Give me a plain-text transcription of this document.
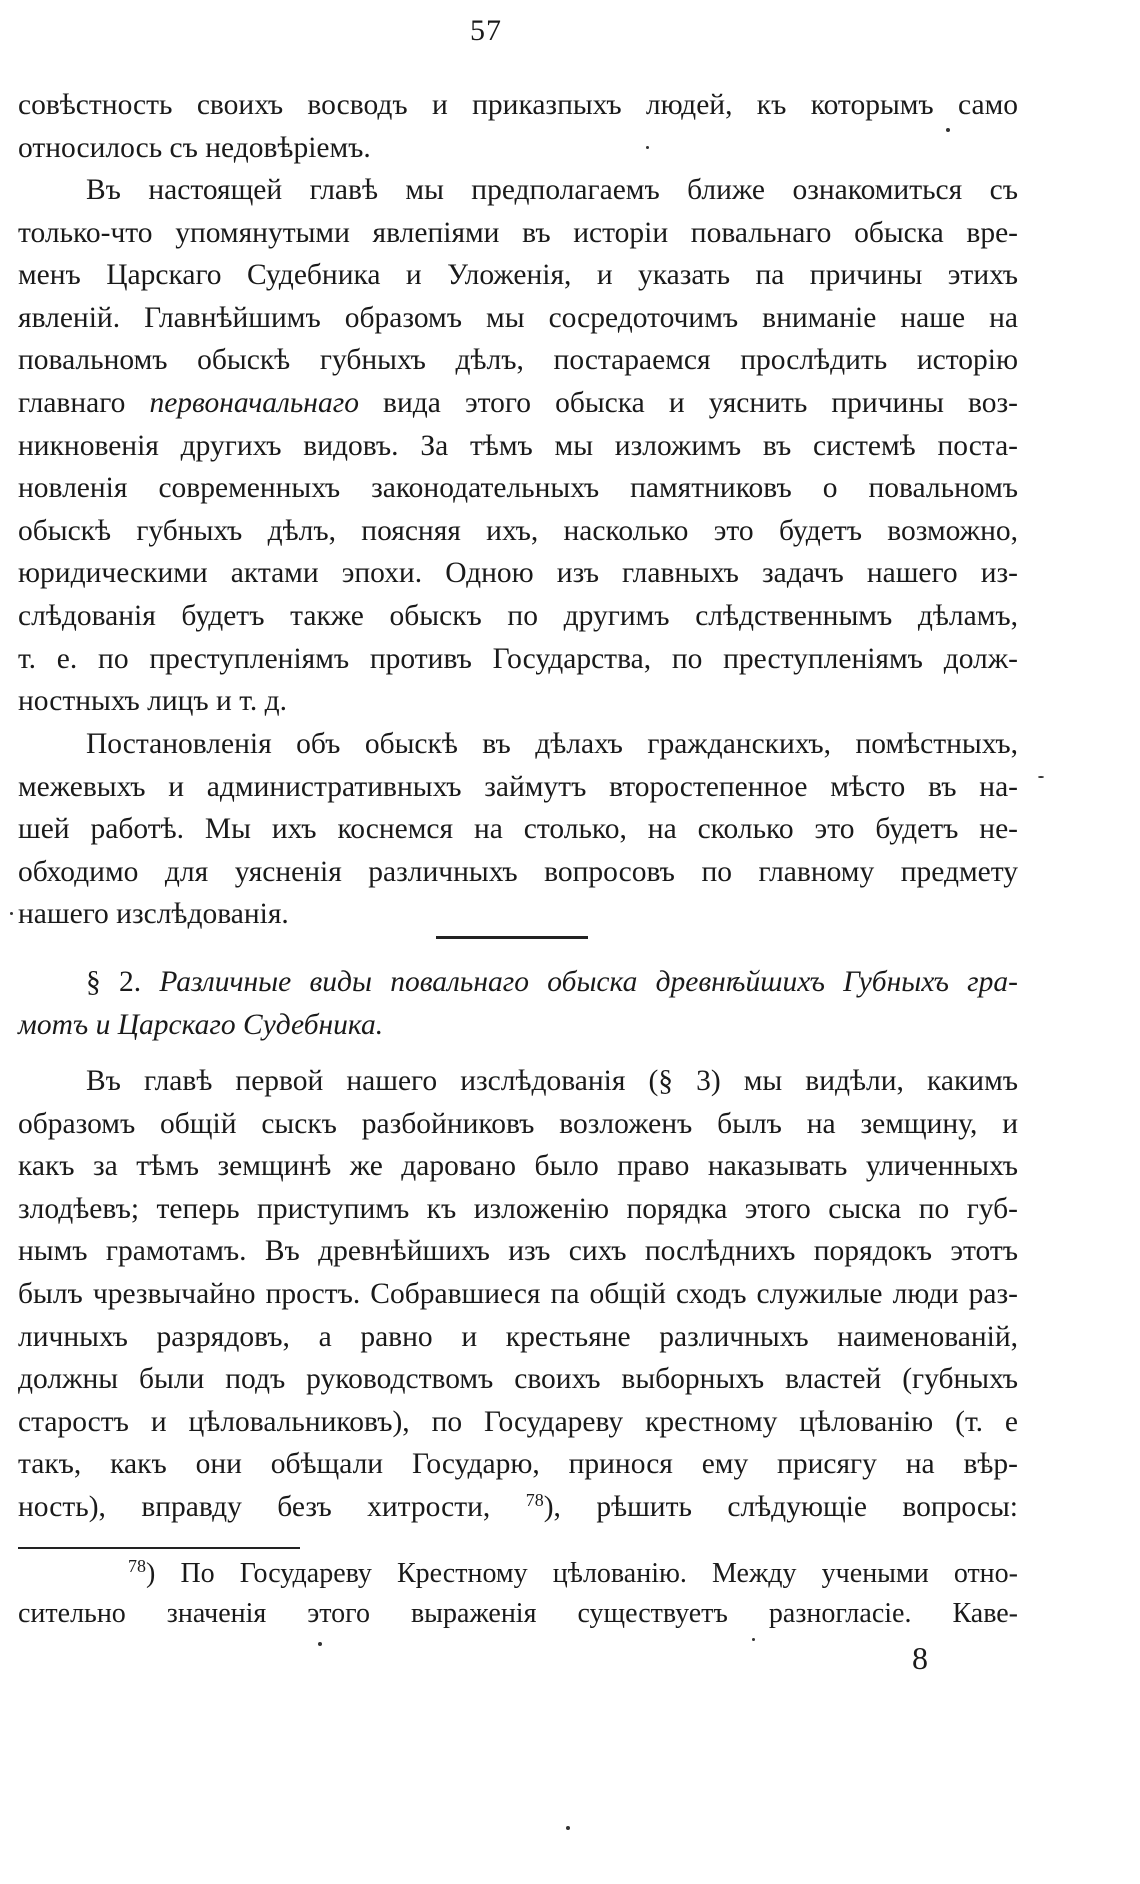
57
совѣстность своихъ восводъ и приказпыхъ людей, къ которымъ само
относилось съ недовѣріемъ.
Въ настоящей главѣ мы предполагаемъ ближе ознакомиться съ
только-что упомянутыми явлепіями въ исторіи повальнаго обыска вре-
менъ Царскаго Судебника и Уложенія, и указать па причины этихъ
явленій. Главнѣйшимъ образомъ мы сосредоточимъ вниманіе наше на
повальномъ обыскѣ губныхъ дѣлъ, постараемся прослѣдить исторію
главнаго первоначальнаго вида этого обыска и уяснить причины воз-
никновенія другихъ видовъ. За тѣмъ мы изложимъ въ системѣ поста-
новленія современныхъ законодательныхъ памятниковъ о повальномъ
обыскѣ губныхъ дѣлъ, поясняя ихъ, насколько это будетъ возможно,
юридическими актами эпохи. Одною изъ главныхъ задачъ нашего из-
слѣдованія будетъ также обыскъ по другимъ слѣдственнымъ дѣламъ,
т. е. по преступленіямъ противъ Государства, по преступленіямъ долж-
ностныхъ лицъ и т. д.
Постановленія объ обыскѣ въ дѣлахъ гражданскихъ, помѣстныхъ,
межевыхъ и административныхъ займутъ второстепенное мѣсто въ на-
шей работѣ. Мы ихъ коснемся на столько, на сколько это будетъ не-
обходимо для уясненія различныхъ вопросовъ по главному предмету
нашего изслѣдованія.
§ 2. Различные виды повальнаго обыска древнѣйшихъ Губныхъ гра-
мотъ и Царскаго Судебника.
Въ главѣ первой нашего изслѣдованія (§ 3) мы видѣли, какимъ
образомъ общій сыскъ разбойниковъ возложенъ былъ на земщину, и
какъ за тѣмъ земщинѣ же даровано было право наказывать уличенныхъ
злодѣевъ; теперь приступимъ къ изложенію порядка этого сыска по губ-
нымъ грамотамъ. Въ древнѣйшихъ изъ сихъ послѣднихъ порядокъ этотъ
былъ чрезвычайно простъ. Собравшиеся па общій сходъ служилые люди раз-
личныхъ разрядовъ, а равно и крестьяне различныхъ наименованій,
должны были подъ руководствомъ своихъ выборныхъ властей (губныхъ
старостъ и цѣловальниковъ), по Государеву крестному цѣлованію (т. е
такъ, какъ они обѣщали Государю, принося ему присягу на вѣр-
ность), вправду безъ хитрости, $^{78}$), рѣшить слѣдующіе вопросы:
$^{78}$) По Государеву Крестному цѣлованію. Между учеными отно-
сительно значенія этого выраженія существуетъ разногласіе. Каве-
8
